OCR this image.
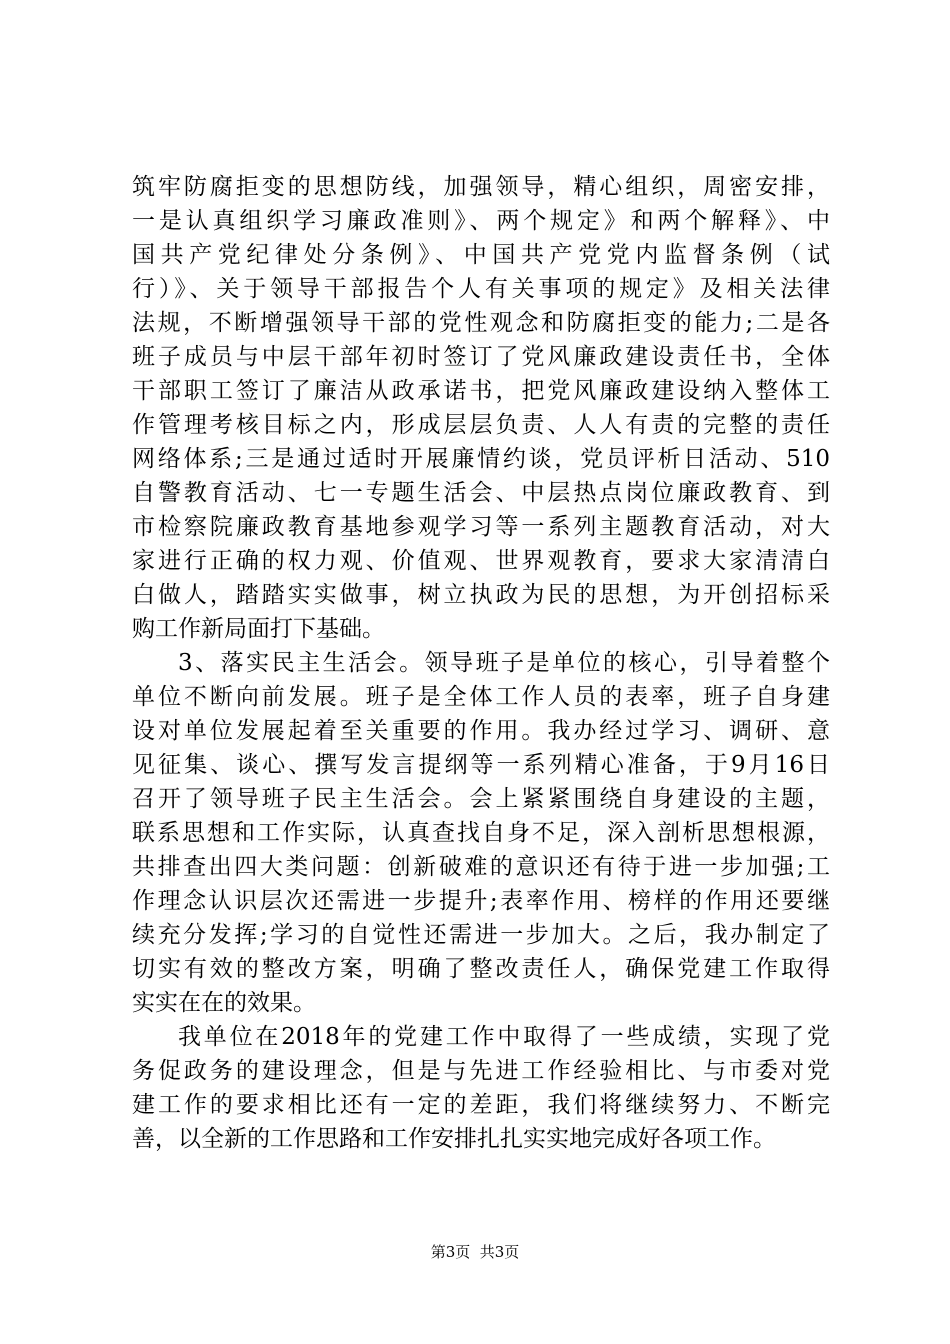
筑牢防腐拒变的思想防线，加强领导，精心组织，周密安排，
一是认真组织学习廉政准则》、两个规定》和两个解释》、中
国共产党纪律处分条例》、中国共产党党内监督条例（试
行）》、关于领导干部报告个人有关事项的规定》及相关法律
法规，不断增强领导干部的党性观念和防腐拒变的能力;二是各
班子成员与中层干部年初时签订了党风廉政建设责任书，全体
干部职工签订了廉洁从政承诺书，把党风廉政建设纳入整体工
作管理考核目标之内，形成层层负责、人人有责的完整的责任
网络体系;三是通过适时开展廉情约谈，党员评析日活动、510
自警教育活动、七一专题生活会、中层热点岗位廉政教育、到
市检察院廉政教育基地参观学习等一系列主题教育活动，对大
家进行正确的权力观、价值观、世界观教育，要求大家清清白
白做人，踏踏实实做事，树立执政为民的思想，为开创招标采
购工作新局面打下基础。
3、落实民主生活会。领导班子是单位的核心，引导着整个
单位不断向前发展。班子是全体工作人员的表率，班子自身建
设对单位发展起着至关重要的作用。我办经过学习、调研、意
见征集、谈心、撰写发言提纲等一系列精心准备，于9月16日
召开了领导班子民主生活会。会上紧紧围绕自身建设的主题，
联系思想和工作实际，认真查找自身不足，深入剖析思想根源，
共排查出四大类问题：创新破难的意识还有待于进一步加强;工
作理念认识层次还需进一步提升;表率作用、榜样的作用还要继
续充分发挥;学习的自觉性还需进一步加大。之后，我办制定了
切实有效的整改方案，明确了整改责任人，确保党建工作取得
实实在在的效果。
我单位在2018年的党建工作中取得了一些成绩，实现了党
务促政务的建设理念，但是与先进工作经验相比、与市委对党
建工作的要求相比还有一定的差距，我们将继续努力、不断完
善，以全新的工作思路和工作安排扎扎实实地完成好各项工作。
第3页  共3页
